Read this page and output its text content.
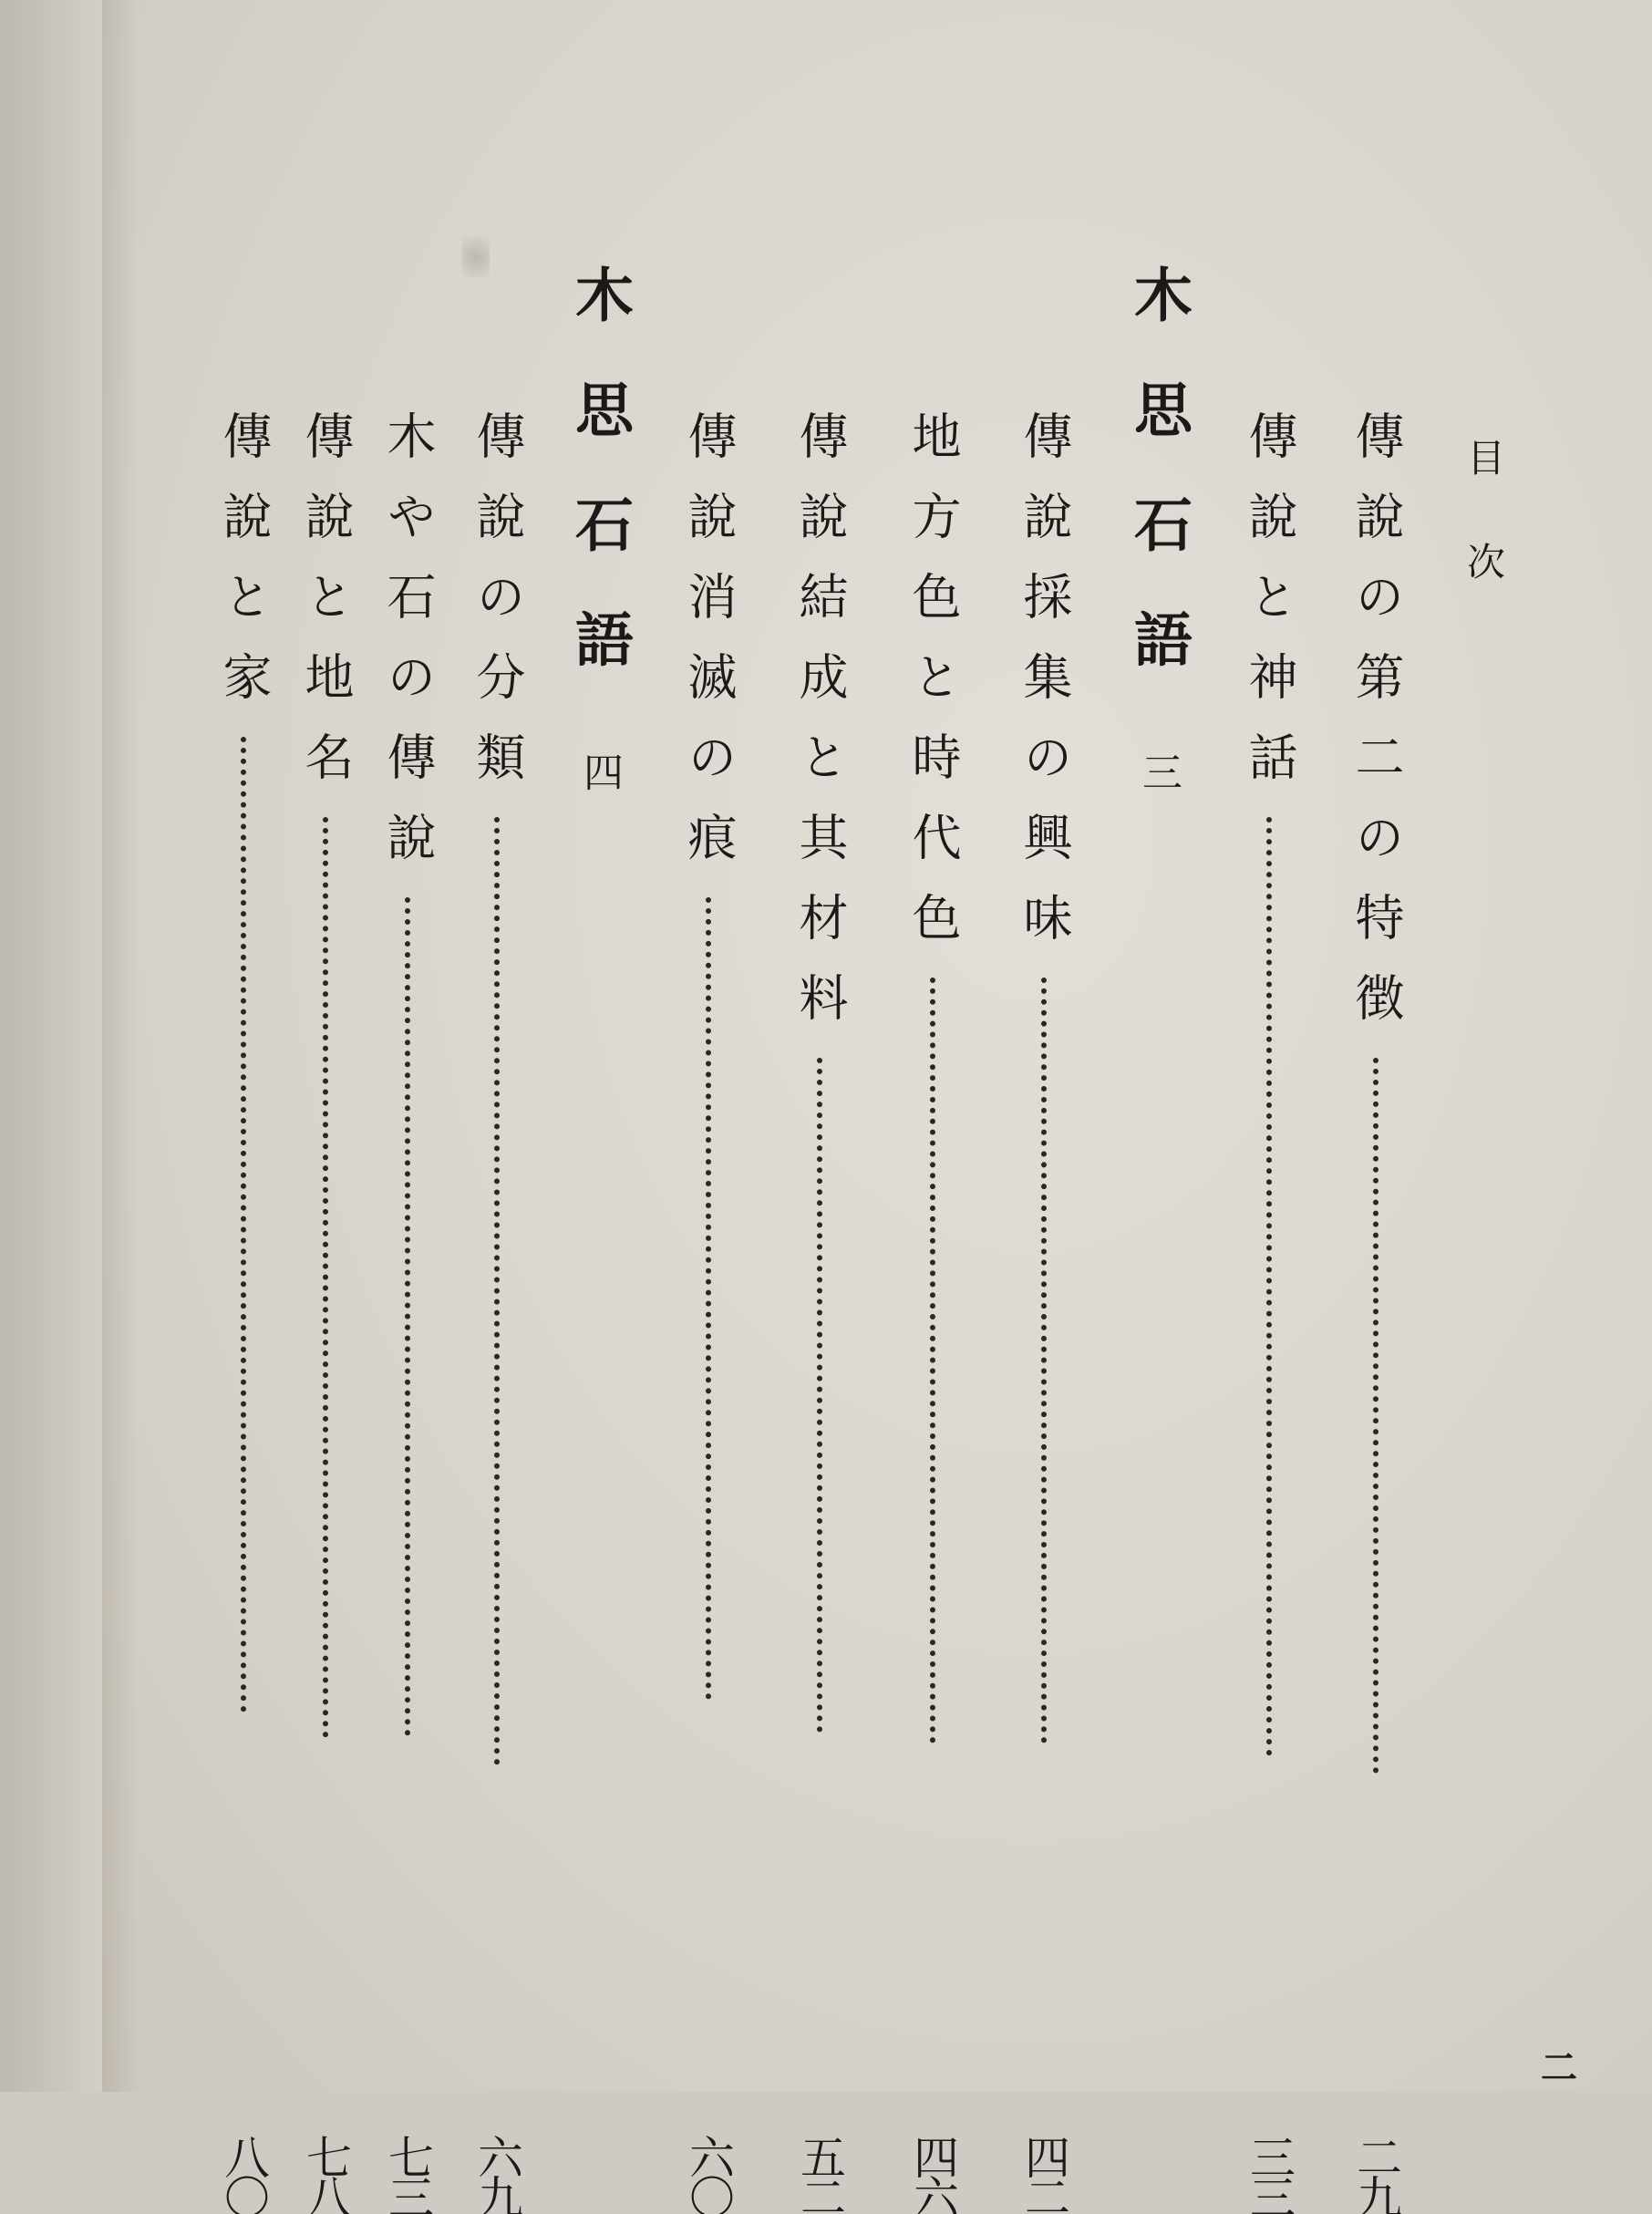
目次
傳說の第二の特徴
二九
傳說と神話
三三
木思石語
三
傳說採集の興味
四二
地方色と時代色
四六
傳說結成と其材料
五二
傳說消滅の痕
六〇
木思石語
四
傳說の分類
六九
木や石の傳說
七三
傳說と地名
七八
傳說と家
八〇
二
